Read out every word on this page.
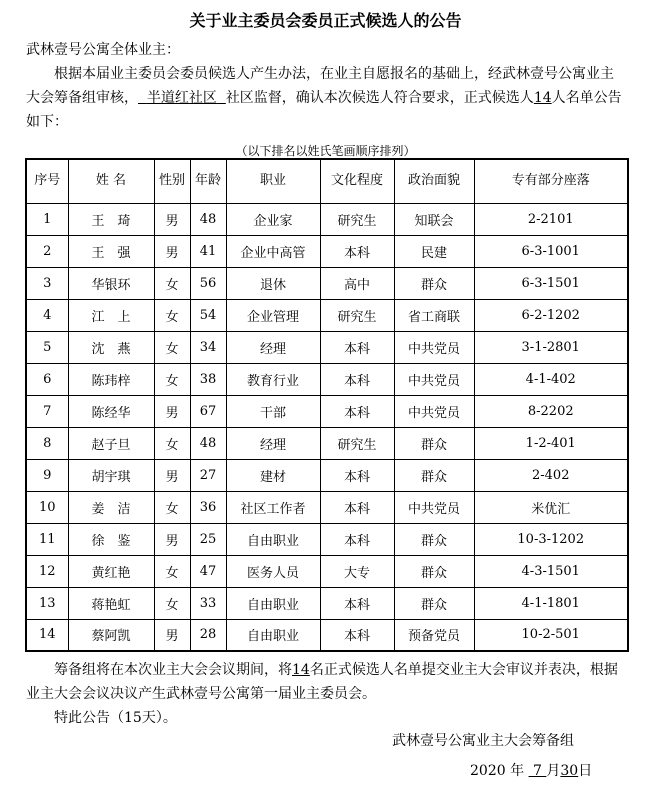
关于业主委员会委员正式候选人的公告
武林壹号公寓全体业主：
根据本届业主委员会委员候选人产生办法，在业主自愿报名的基础上，经武林壹号公寓业主大会筹备组审核， 半道红社区 社区监督，确认本次候选人符合要求，正式候选人14人名单公告如下：
（以下排名以姓氏笔画顺序排列）
序号	姓 名	性别	年龄	职业	文化程度	政治面貌	专有部分座落
1	王　琦	男	48	企业家	研究生	知联会	2-2101
2	王　强	男	41	企业中高管	本科	民建	6-3-1001
3	华银环	女	56	退休	高中	群众	6-3-1501
4	江　上	女	54	企业管理	研究生	省工商联	6-2-1202
5	沈　燕	女	34	经理	本科	中共党员	3-1-2801
6	陈玮梓	女	38	教育行业	本科	中共党员	4-1-402
7	陈经华	男	67	干部	本科	中共党员	8-2202
8	赵子旦	女	48	经理	研究生	群众	1-2-401
9	胡宇琪	男	27	建材	本科	群众	2-402
10	姜　洁	女	36	社区工作者	本科	中共党员	米优汇
11	徐　鉴	男	25	自由职业	本科	群众	10-3-1202
12	黄红艳	女	47	医务人员	大专	群众	4-3-1501
13	蒋艳虹	女	33	自由职业	本科	群众	4-1-1801
14	蔡阿凯	男	28	自由职业	本科	预备党员	10-2-501
筹备组将在本次业主大会会议期间，将14名正式候选人名单提交业主大会审议并表决，根据业主大会会议决议产生武林壹号公寓第一届业主委员会。
特此公告（15天）。
武林壹号公寓业主大会筹备组
2020 年 7 月30日
